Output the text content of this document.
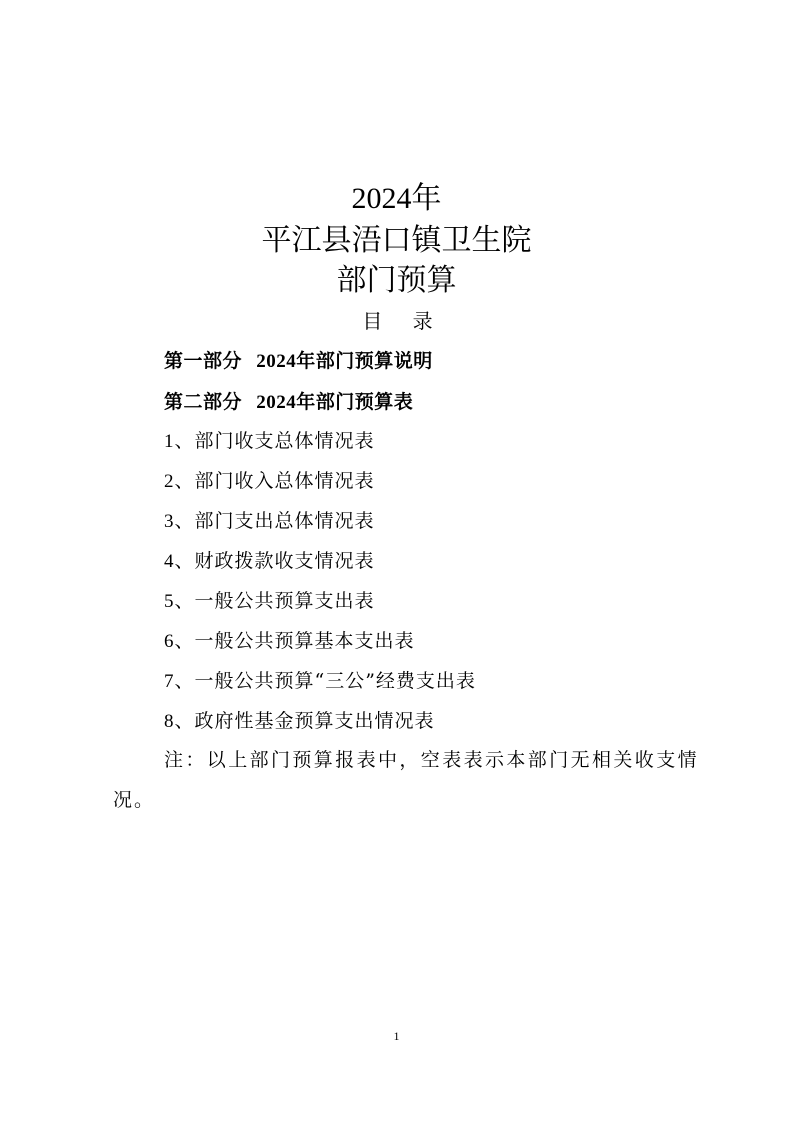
2024年
平江县浯口镇卫生院
部门预算
目 录
第一部分 2024年部门预算说明
第二部分 2024年部门预算表
1、部门收支总体情况表
2、部门收入总体情况表
3、部门支出总体情况表
4、财政拨款收支情况表
5、一般公共预算支出表
6、一般公共预算基本支出表
7、一般公共预算“三公”经费支出表
8、政府性基金预算支出情况表
注：以上部门预算报表中，空表表示本部门无相关收支情
况。
1
